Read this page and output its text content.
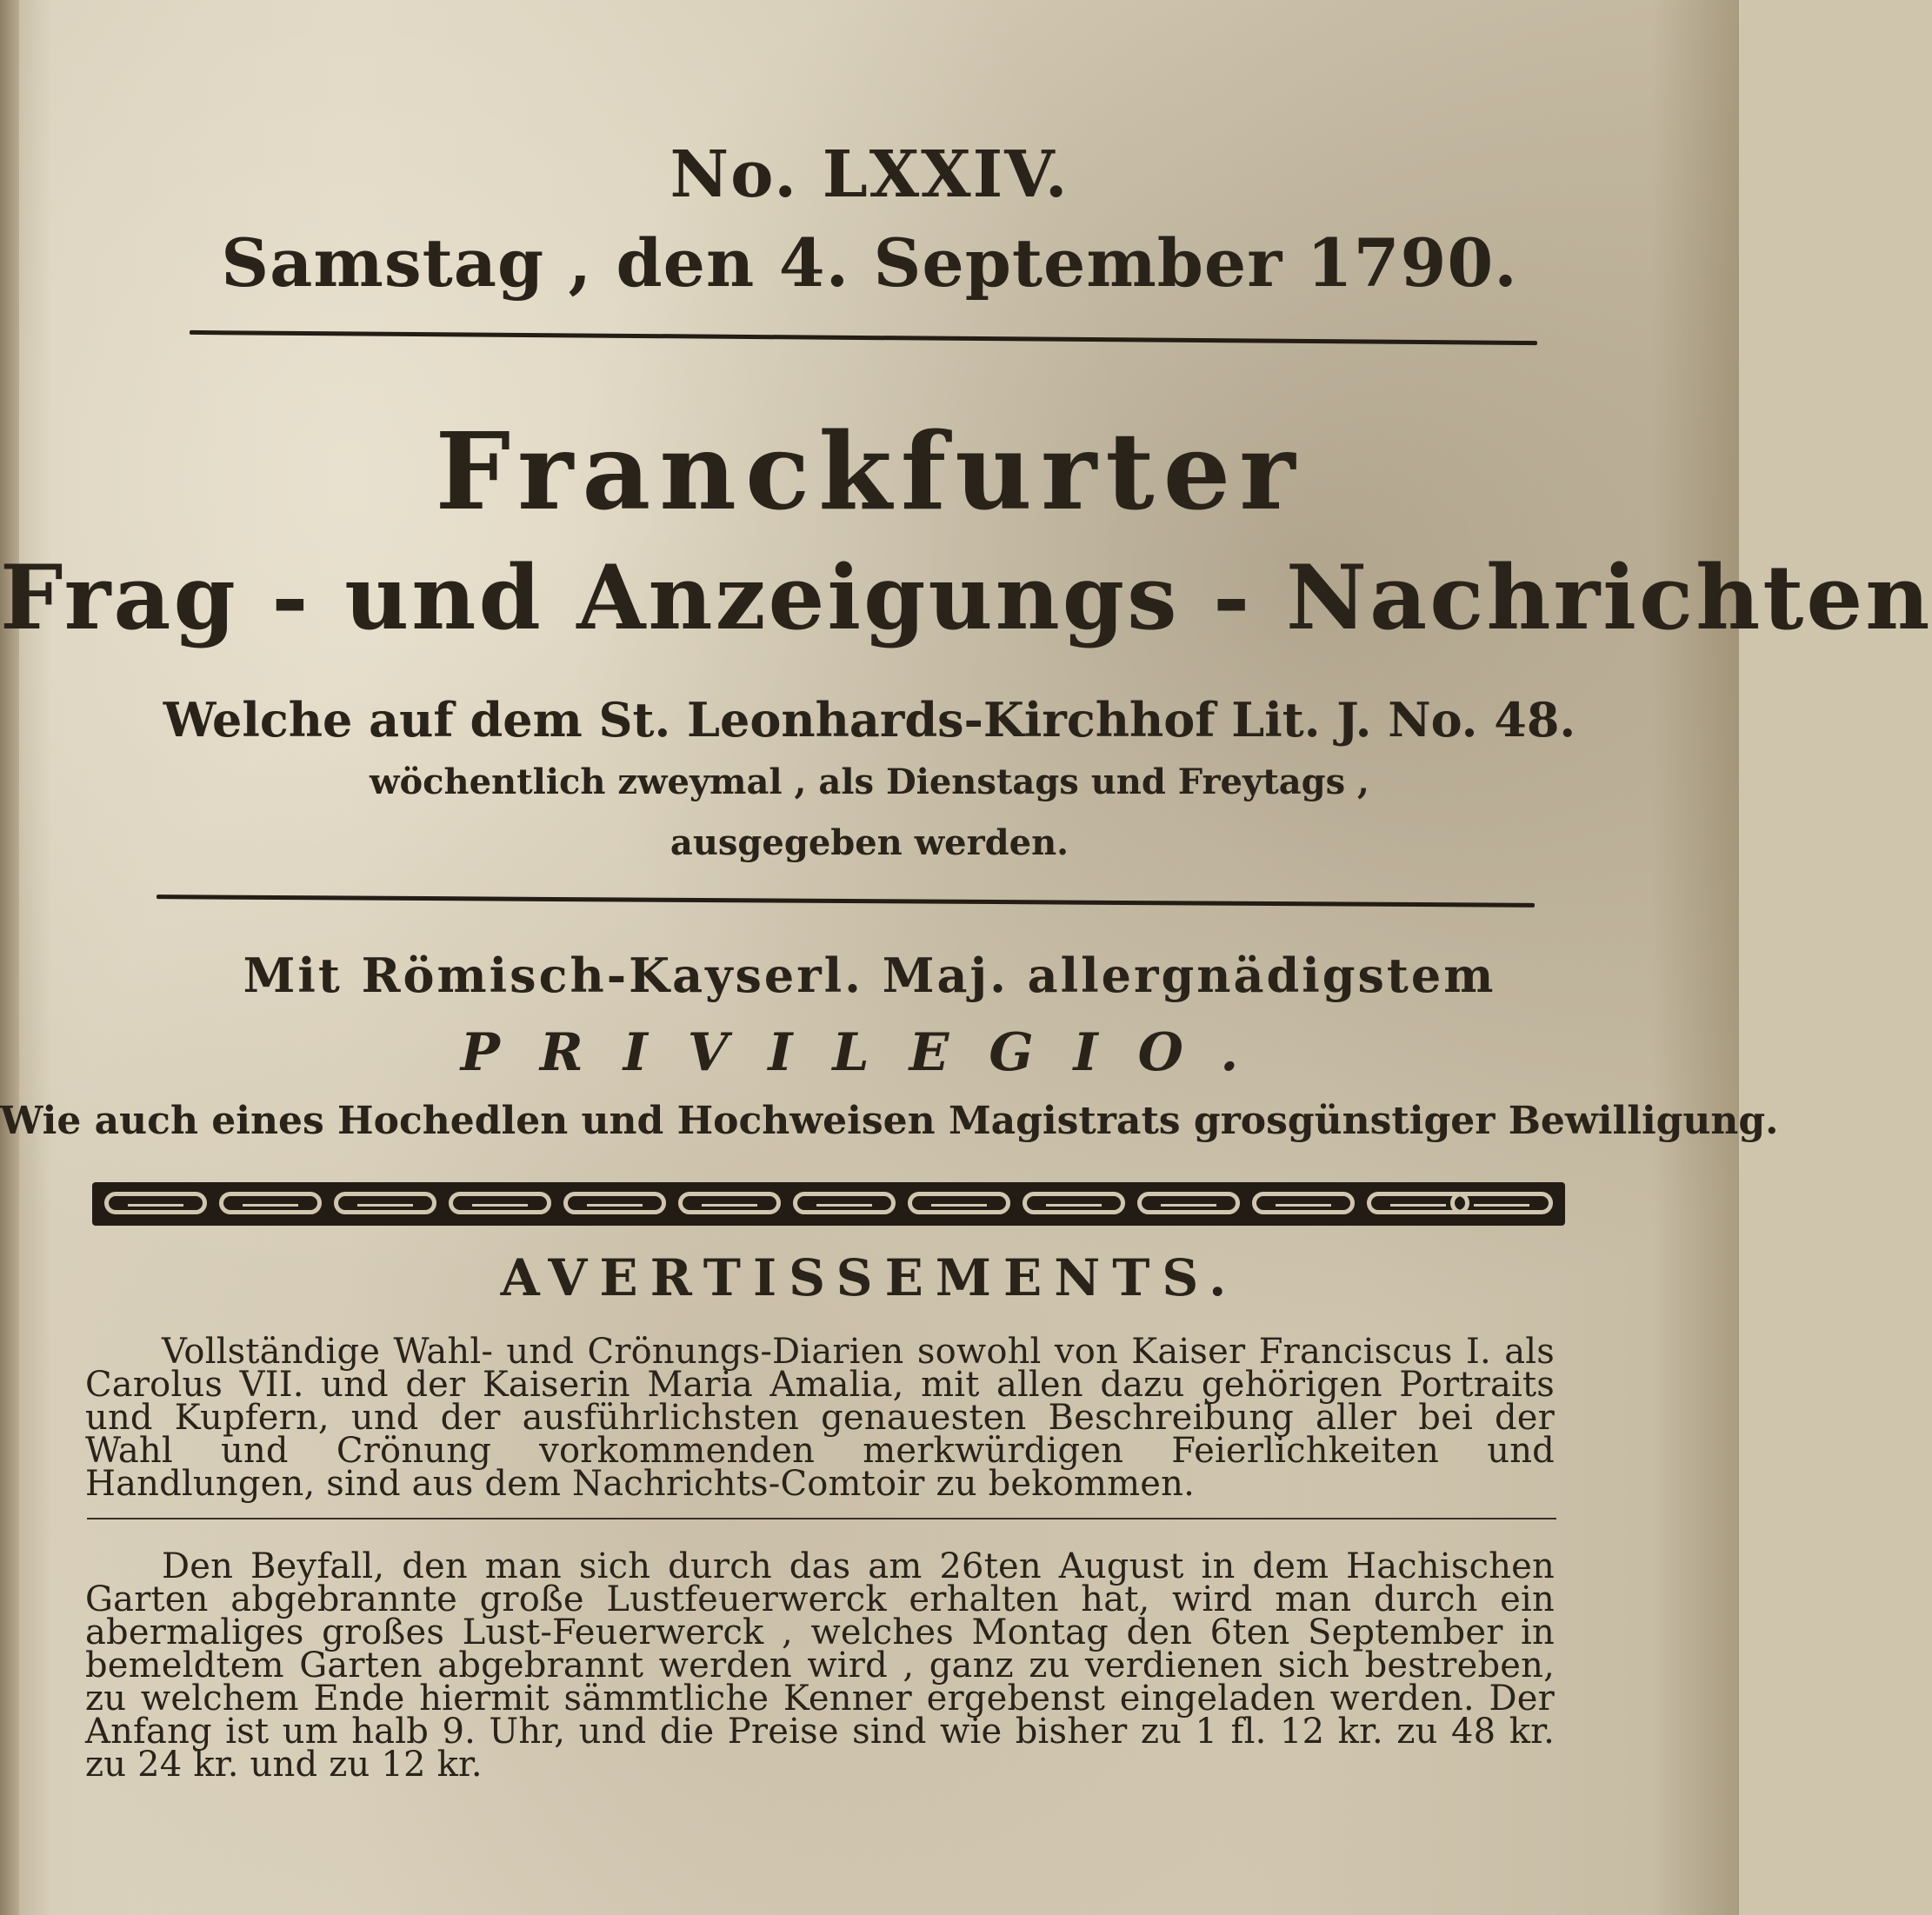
No. LXXIV.
Samstag , den 4. September 1790.
Franckfurter
Frag - und Anzeigungs - Nachrichten
Welche auf dem St. Leonhards-Kirchhof Lit. J. No. 48.
wöchentlich zweymal , als Dienstags und Freytags ,
ausgegeben werden.
Mit Römisch-Kayserl. Maj. allergnädigstem
PRIVILEGIO.
Wie auch eines Hochedlen und Hochweisen Magistrats grosgünstiger Bewilligung.
AVERTISSEMENTS.

Vollständige Wahl- und Crönungs-Diarien sowohl von Kaiser Franciscus I. als Carolus VII. und der Kaiserin Maria Amalia, mit allen dazu gehörigen Portraits und Kupfern, und der ausführlichsten genauesten Beschreibung aller bei der Wahl und Crönung vorkommenden merkwürdigen Feierlichkeiten und Handlungen, sind aus dem Nachrichts-Comtoir zu bekommen.

Den Beyfall, den man sich durch das am 26ten August in dem Hachischen Garten abgebrannte große Lustfeuerwerck erhalten hat, wird man durch ein abermaliges großes Lust-Feuerwerck , welches Montag den 6ten September in bemeldtem Garten abgebrannt werden wird , ganz zu verdienen sich bestreben, zu welchem Ende hiermit sämmtliche Kenner ergebenst eingeladen werden. Der Anfang ist um halb 9. Uhr, und die Preise sind wie bisher zu 1 fl. 12 kr. zu 48 kr. zu 24 kr. und zu 12 kr.
